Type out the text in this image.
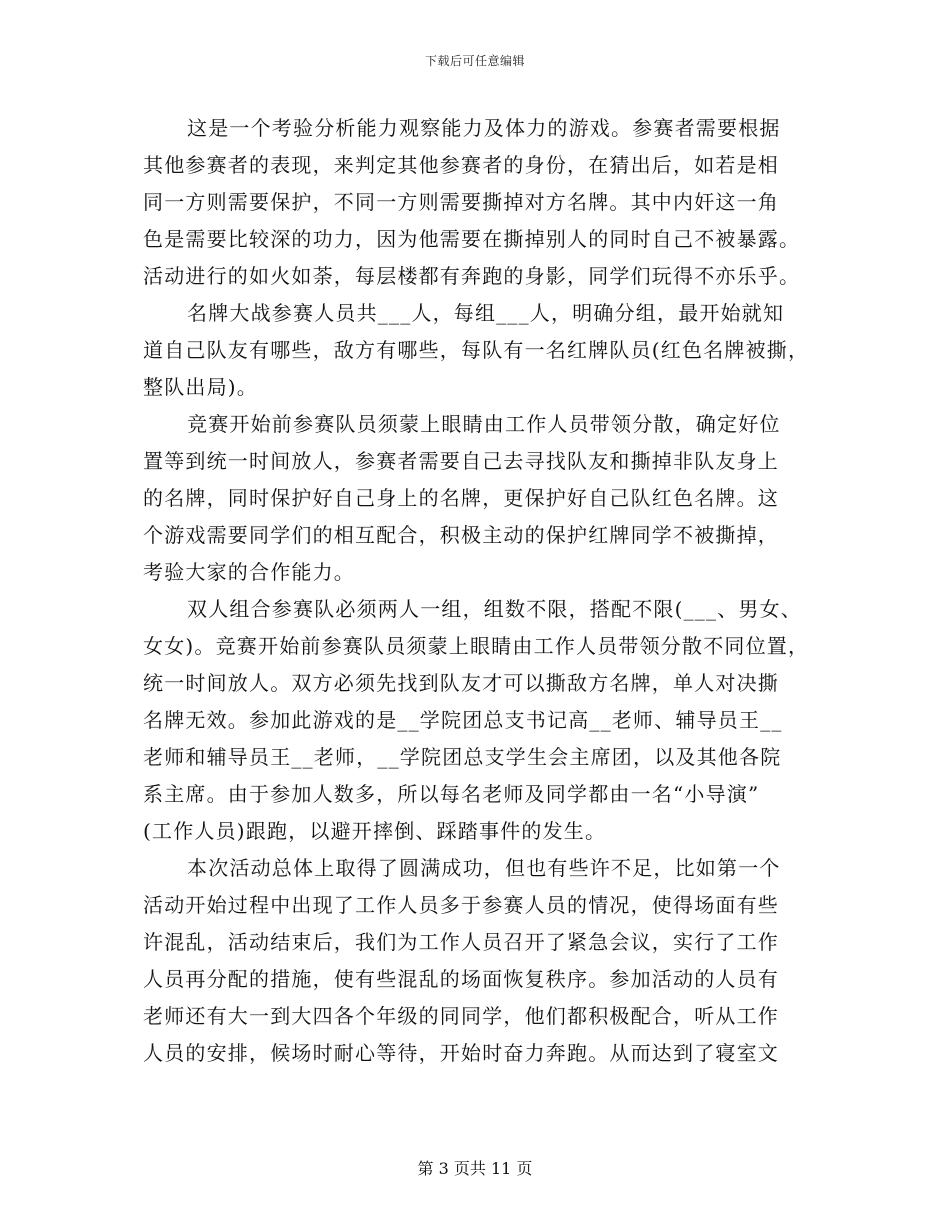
下载后可任意编辑
这是一个考验分析能力观察能力及体力的游戏。参赛者需要根据
其他参赛者的表现，来判定其他参赛者的身份，在猜出后，如若是相
同一方则需要保护，不同一方则需要撕掉对方名牌。其中内奸这一角
色是需要比较深的功力，因为他需要在撕掉别人的同时自己不被暴露。
活动进行的如火如荼，每层楼都有奔跑的身影，同学们玩得不亦乐乎。
名牌大战参赛人员共___人，每组___人，明确分组，最开始就知
道自己队友有哪些，敌方有哪些，每队有一名红牌队员(红色名牌被撕，
整队出局)。
竞赛开始前参赛队员须蒙上眼睛由工作人员带领分散，确定好位
置等到统一时间放人，参赛者需要自己去寻找队友和撕掉非队友身上
的名牌，同时保护好自己身上的名牌，更保护好自己队红色名牌。这
个游戏需要同学们的相互配合，积极主动的保护红牌同学不被撕掉，
考验大家的合作能力。
双人组合参赛队必须两人一组，组数不限，搭配不限(___、男女、
女女)。竞赛开始前参赛队员须蒙上眼睛由工作人员带领分散不同位置，
统一时间放人。双方必须先找到队友才可以撕敌方名牌，单人对决撕
名牌无效。参加此游戏的是__学院团总支书记高__老师、辅导员王__
老师和辅导员王__老师，__学院团总支学生会主席团，以及其他各院
系主席。由于参加人数多，所以每名老师及同学都由一名“小导演”
(工作人员)跟跑，以避开摔倒、踩踏事件的发生。
本次活动总体上取得了圆满成功，但也有些许不足，比如第一个
活动开始过程中出现了工作人员多于参赛人员的情况，使得场面有些
许混乱，活动结束后，我们为工作人员召开了紧急会议，实行了工作
人员再分配的措施，使有些混乱的场面恢复秩序。参加活动的人员有
老师还有大一到大四各个年级的同同学，他们都积极配合，听从工作
人员的安排，候场时耐心等待，开始时奋力奔跑。从而达到了寝室文
第 3 页共 11 页
